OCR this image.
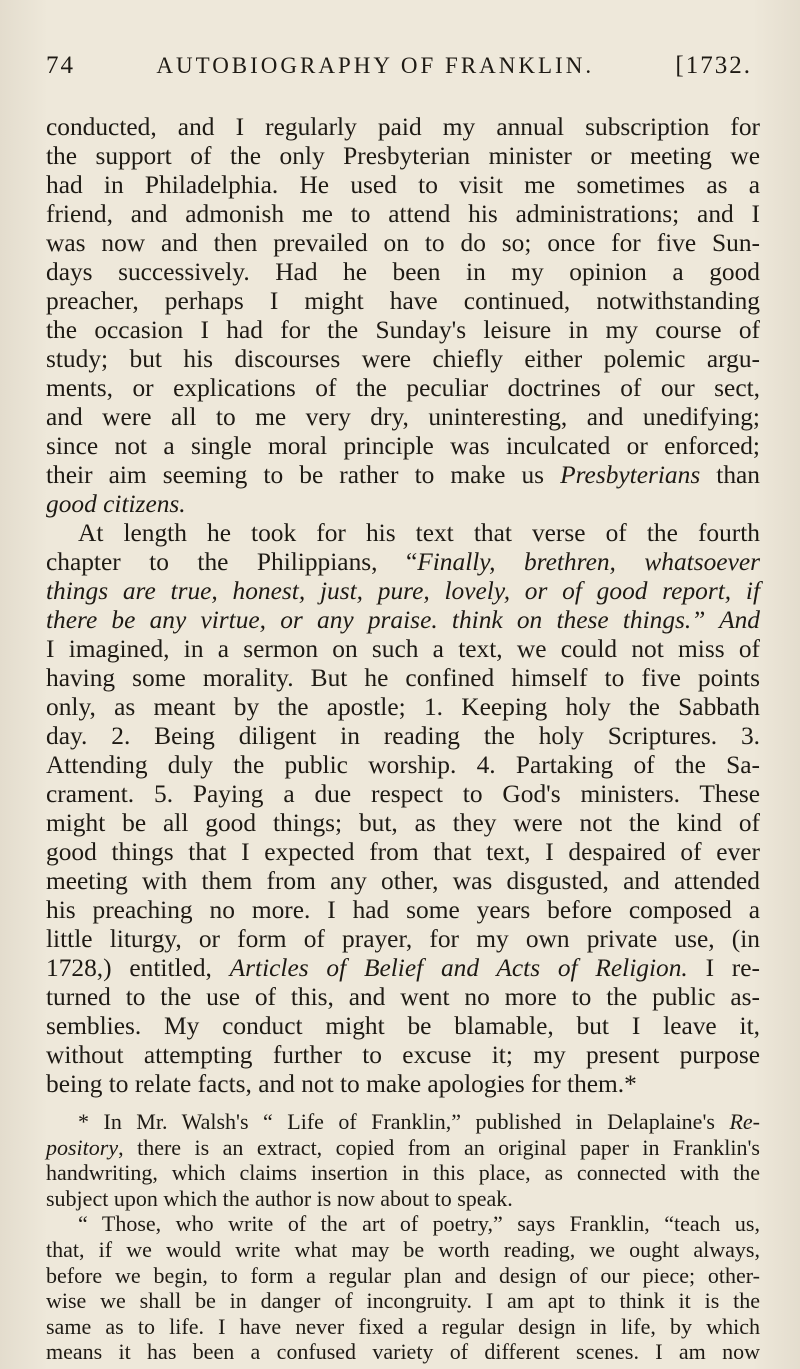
74	AUTOBIOGRAPHY OF FRANKLIN.	[1732.
conducted, and I regularly paid my annual subscription for
the support of the only Presbyterian minister or meeting we
had in Philadelphia. He used to visit me sometimes as a
friend, and admonish me to attend his administrations; and I
was now and then prevailed on to do so; once for five Sun-
days successively. Had he been in my opinion a good
preacher, perhaps I might have continued, notwithstanding
the occasion I had for the Sunday's leisure in my course of
study; but his discourses were chiefly either polemic argu-
ments, or explications of the peculiar doctrines of our sect,
and were all to me very dry, uninteresting, and unedifying;
since not a single moral principle was inculcated or enforced;
their aim seeming to be rather to make us Presbyterians than
good citizens.
At length he took for his text that verse of the fourth
chapter to the Philippians, “Finally, brethren, whatsoever
things are true, honest, just, pure, lovely, or of good report, if
there be any virtue, or any praise. think on these things.” And
I imagined, in a sermon on such a text, we could not miss of
having some morality. But he confined himself to five points
only, as meant by the apostle; 1. Keeping holy the Sabbath
day. 2. Being diligent in reading the holy Scriptures. 3.
Attending duly the public worship. 4. Partaking of the Sa-
crament. 5. Paying a due respect to God's ministers. These
might be all good things; but, as they were not the kind of
good things that I expected from that text, I despaired of ever
meeting with them from any other, was disgusted, and attended
his preaching no more. I had some years before composed a
little liturgy, or form of prayer, for my own private use, (in
1728,) entitled, Articles of Belief and Acts of Religion. I re-
turned to the use of this, and went no more to the public as-
semblies. My conduct might be blamable, but I leave it,
without attempting further to excuse it; my present purpose
being to relate facts, and not to make apologies for them.*
* In Mr. Walsh's “ Life of Franklin,” published in Delaplaine's Re-
pository, there is an extract, copied from an original paper in Franklin's
handwriting, which claims insertion in this place, as connected with the
subject upon which the author is now about to speak.
“ Those, who write of the art of poetry,” says Franklin, “teach us,
that, if we would write what may be worth reading, we ought always,
before we begin, to form a regular plan and design of our piece; other-
wise we shall be in danger of incongruity. I am apt to think it is the
same as to life. I have never fixed a regular design in life, by which
means it has been a confused variety of different scenes. I am now
